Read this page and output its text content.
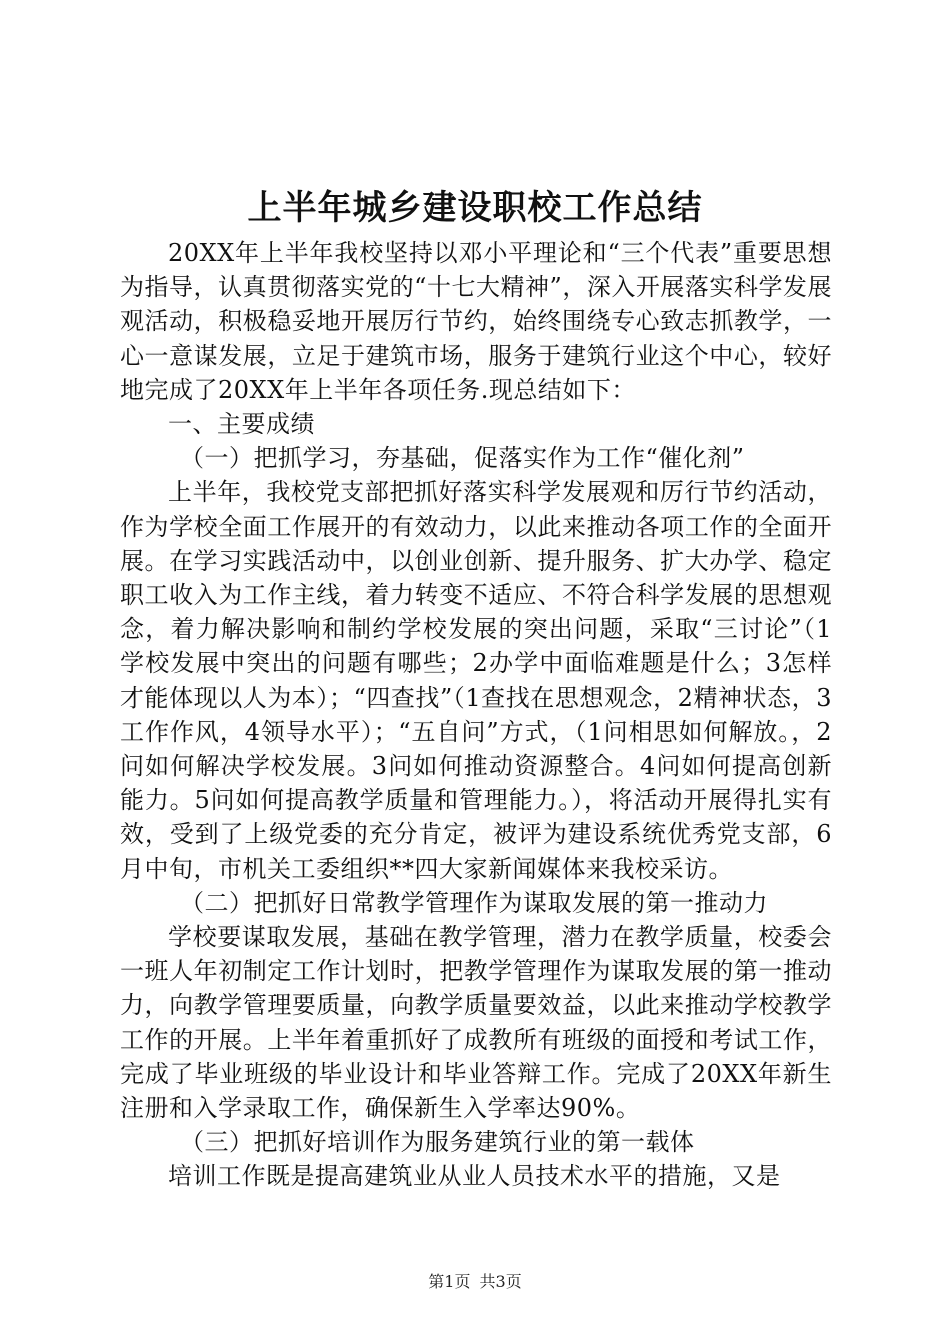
上半年城乡建设职校工作总结

20XX年上半年我校坚持以邓小平理论和“三个代表”重要思想为指导，认真贯彻落实党的“十七大精神”，深入开展落实科学发展观活动，积极稳妥地开展厉行节约，始终围绕专心致志抓教学，一心一意谋发展，立足于建筑市场，服务于建筑行业这个中心，较好地完成了20XX年上半年各项任务.现总结如下：

一、主要成绩

（一）把抓学习，夯基础，促落实作为工作“催化剂”

上半年，我校党支部把抓好落实科学发展观和厉行节约活动，作为学校全面工作展开的有效动力，以此来推动各项工作的全面开展。在学习实践活动中，以创业创新、提升服务、扩大办学、稳定职工收入为工作主线，着力转变不适应、不符合科学发展的思想观念，着力解决影响和制约学校发展的突出问题，采取“三讨论”（1学校发展中突出的问题有哪些；2办学中面临难题是什么；3怎样才能体现以人为本）；“四查找”（1查找在思想观念，2精神状态，3工作作风，4领导水平）；“五自问”方式，（1问相思如何解放。，2问如何解决学校发展。3问如何推动资源整合。4问如何提高创新能力。5问如何提高教学质量和管理能力。），将活动开展得扎实有效，受到了上级党委的充分肯定，被评为建设系统优秀党支部，6月中旬，市机关工委组织**四大家新闻媒体来我校采访。

（二）把抓好日常教学管理作为谋取发展的第一推动力

学校要谋取发展，基础在教学管理，潜力在教学质量，校委会一班人年初制定工作计划时，把教学管理作为谋取发展的第一推动力，向教学管理要质量，向教学质量要效益，以此来推动学校教学工作的开展。上半年着重抓好了成教所有班级的面授和考试工作，完成了毕业班级的毕业设计和毕业答辩工作。完成了20XX年新生注册和入学录取工作，确保新生入学率达90%。

（三）把抓好培训作为服务建筑行业的第一载体

培训工作既是提高建筑业从业人员技术水平的措施，又是

第1页 共3页
